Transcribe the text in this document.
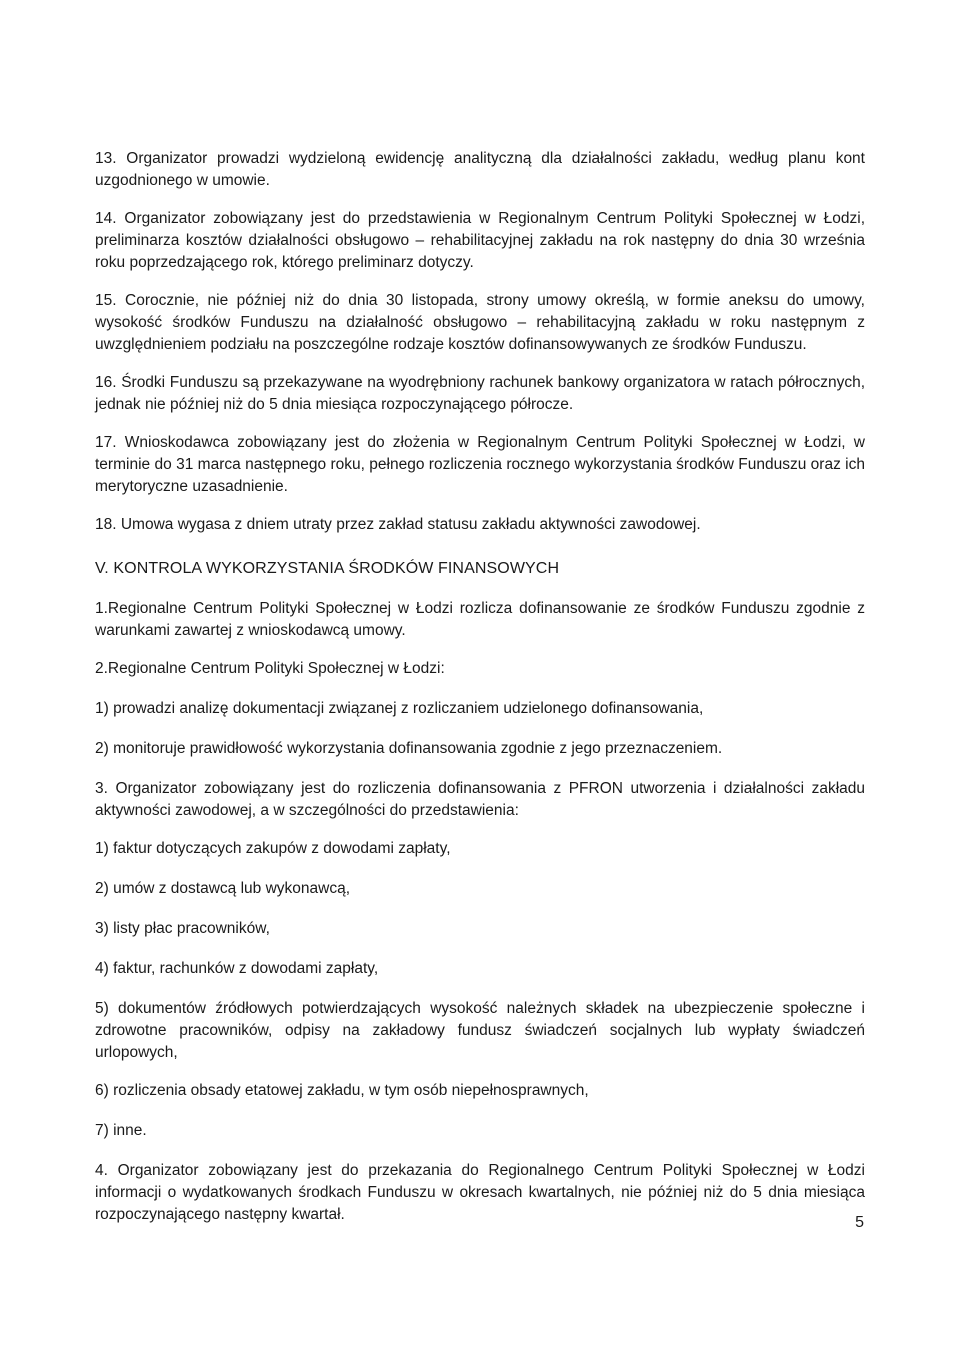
13. Organizator prowadzi wydzieloną ewidencję analityczną dla działalności zakładu, według planu kont uzgodnionego w umowie.

14. Organizator zobowiązany jest do przedstawienia w Regionalnym Centrum Polityki Społecznej w Łodzi, preliminarza kosztów działalności obsługowo – rehabilitacyjnej zakładu na rok następny do dnia 30 września roku poprzedzającego rok, którego preliminarz dotyczy.

15. Corocznie, nie później niż do dnia 30 listopada, strony umowy określą, w formie aneksu do umowy, wysokość środków Funduszu na działalność obsługowo – rehabilitacyjną zakładu w roku następnym z uwzględnieniem podziału na poszczególne rodzaje kosztów dofinansowywanych ze środków Funduszu.

16. Środki Funduszu są przekazywane na wyodrębniony rachunek bankowy organizatora w ratach półrocznych, jednak nie później niż do 5 dnia miesiąca rozpoczynającego półrocze.

17. Wnioskodawca zobowiązany jest do złożenia w Regionalnym Centrum Polityki Społecznej w Łodzi, w terminie do 31 marca następnego roku, pełnego rozliczenia rocznego wykorzystania środków Funduszu oraz ich merytoryczne uzasadnienie.

18. Umowa wygasa z dniem utraty przez zakład statusu zakładu aktywności zawodowej.

V. KONTROLA WYKORZYSTANIA ŚRODKÓW FINANSOWYCH

1.Regionalne Centrum Polityki Społecznej w Łodzi rozlicza dofinansowanie ze środków Funduszu zgodnie z warunkami zawartej z wnioskodawcą umowy.

2.Regionalne Centrum Polityki Społecznej w Łodzi:

1) prowadzi analizę dokumentacji związanej z rozliczaniem udzielonego dofinansowania,

2) monitoruje prawidłowość wykorzystania dofinansowania zgodnie z jego przeznaczeniem.

3. Organizator zobowiązany jest do rozliczenia dofinansowania z PFRON utworzenia i działalności zakładu aktywności zawodowej, a w szczególności do przedstawienia:

1) faktur dotyczących zakupów z dowodami zapłaty,

2) umów z dostawcą lub wykonawcą,

3) listy płac pracowników,

4) faktur, rachunków z dowodami zapłaty,

5) dokumentów źródłowych potwierdzających wysokość należnych składek na ubezpieczenie społeczne i zdrowotne pracowników, odpisy na zakładowy fundusz świadczeń socjalnych lub wypłaty świadczeń urlopowych,

6) rozliczenia obsady etatowej zakładu, w tym osób niepełnosprawnych,

7) inne.

4. Organizator zobowiązany jest do przekazania do Regionalnego Centrum Polityki Społecznej w Łodzi informacji o wydatkowanych środkach Funduszu w okresach kwartalnych, nie później niż do 5 dnia miesiąca rozpoczynającego następny kwartał.	5
